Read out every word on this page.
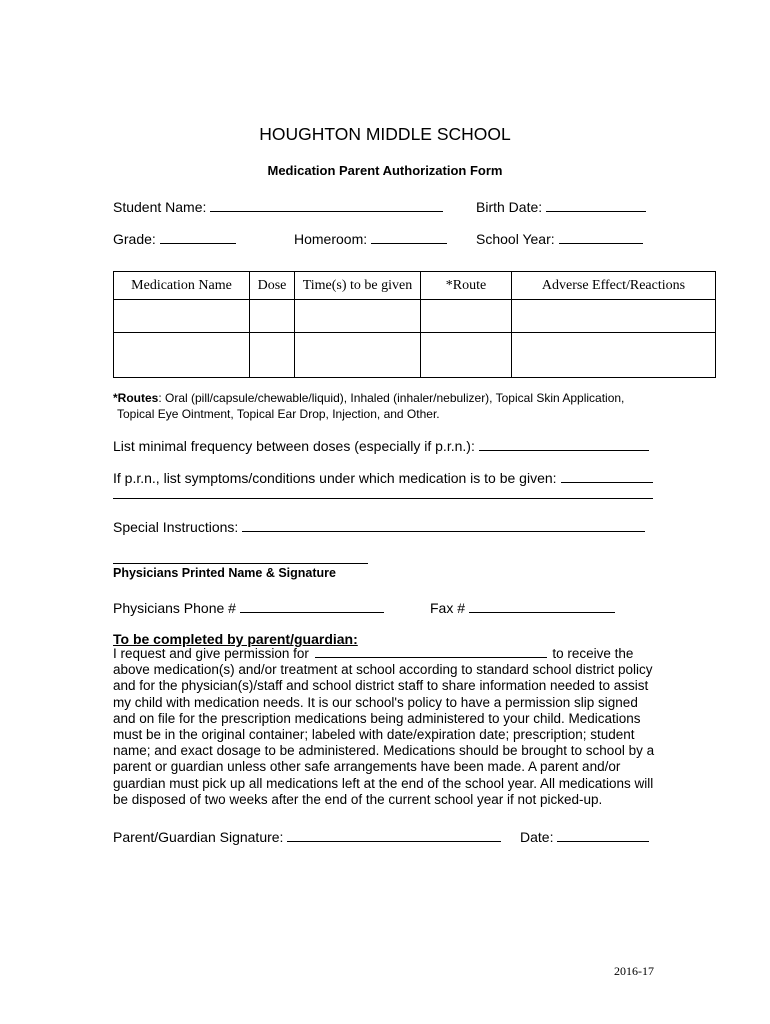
HOUGHTON MIDDLE SCHOOL
Medication Parent Authorization Form
Student Name:	Birth Date:
Grade:	Homeroom:	School Year:
Medication Name	Dose	Time(s) to be given	*Route	Adverse Effect/Reactions

*Routes: Oral (pill/capsule/chewable/liquid), Inhaled (inhaler/nebulizer), Topical Skin Application,
Topical Eye Ointment, Topical Ear Drop, Injection, and Other.
List minimal frequency between doses (especially if p.r.n.):
If p.r.n., list symptoms/conditions under which medication is to be given:
Special Instructions:
Physicians Printed Name & Signature
Physicians Phone #	Fax #
To be completed by parent/guardian:
I request and give permission for	to receive the above medication(s) and/or treatment at school according to standard school district policy and for the physician(s)/staff and school district staff to share information needed to assist my child with medication needs. It is our school's policy to have a permission slip signed and on file for the prescription medications being administered to your child. Medications must be in the original container; labeled with date/expiration date; prescription; student name; and exact dosage to be administered. Medications should be brought to school by a parent or guardian unless other safe arrangements have been made. A parent and/or guardian must pick up all medications left at the end of the school year. All medications will be disposed of two weeks after the end of the current school year if not picked-up.
Parent/Guardian Signature:	Date:
2016-17
